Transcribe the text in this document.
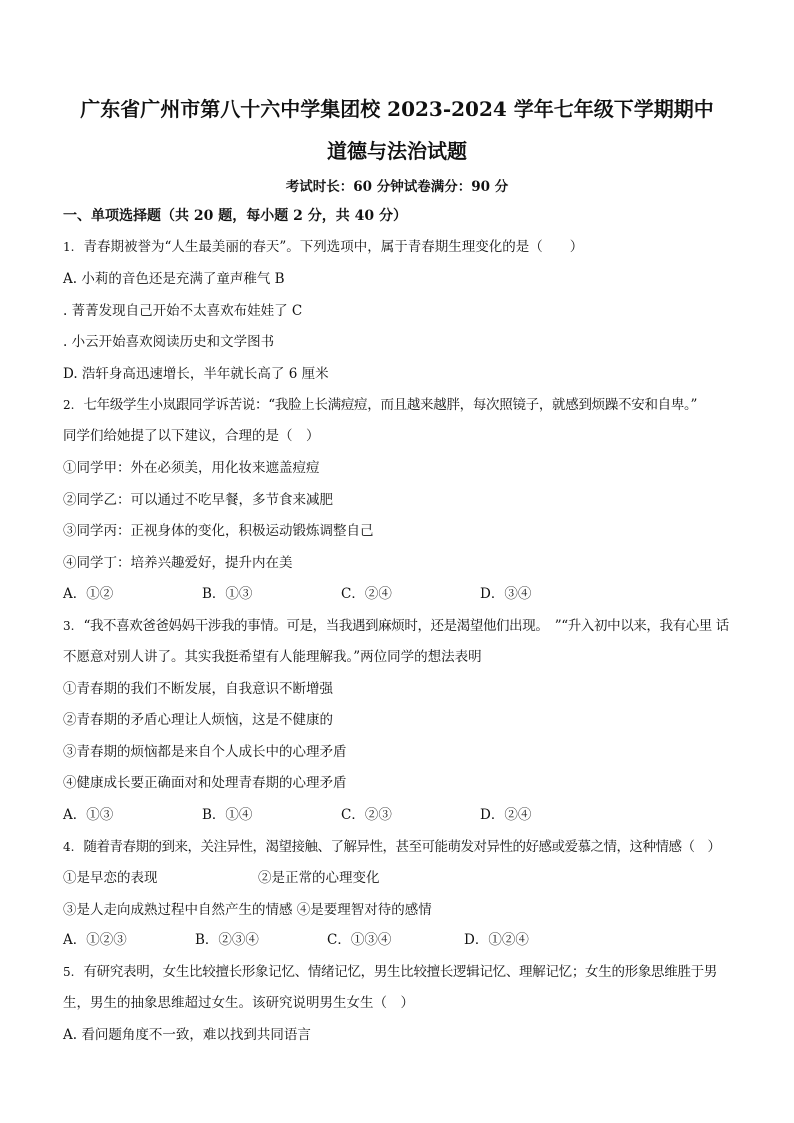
广东省广州市第八十六中学集团校 2023-2024 学年七年级下学期期中
道德与法治试题
考试时长：60 分钟试卷满分：90 分
一、单项选择题（共 20 题，每小题 2 分，共 40 分）
1. 青春期被誉为“人生最美丽的春天”。下列选项中，属于青春期生理变化的是（　　）
A. 小莉的音色还是充满了童声稚气 B
. 菁菁发现自己开始不太喜欢布娃娃了 C
. 小云开始喜欢阅读历史和文学图书
D. 浩轩身高迅速增长，半年就长高了 6 厘米
2. 七年级学生小岚跟同学诉苦说：“我脸上长满痘痘，而且越来越胖，每次照镜子，就感到烦躁不安和自卑。”
同学们给她提了以下建议，合理的是（　）
①同学甲：外在必须美，用化妆来遮盖痘痘
②同学乙：可以通过不吃早餐，多节食来减肥
③同学丙：正视身体的变化，积极运动锻炼调整自己
④同学丁：培养兴趣爱好，提升内在美
A．①②	B．①③	C．②④	D．③④
3. “我不喜欢爸爸妈妈干涉我的事情。可是，当我遇到麻烦时，还是渴望他们出现。　”“升入初中以来，我有心里 话
不愿意对别人讲了。其实我挺希望有人能理解我。”两位同学的想法表明
①青春期的我们不断发展，自我意识不断增强
②青春期的矛盾心理让人烦恼，这是不健康的
③青春期的烦恼都是来自个人成长中的心理矛盾
④健康成长要正确面对和处理青春期的心理矛盾
A．①③	B．①④	C．②③	D．②④
4. 随着青春期的到来，关注异性，渴望接触、了解异性，甚至可能萌发对异性的好感或爱慕之情，这种情感（　）
①是早恋的表现	②是正常的心理变化
③是人走向成熟过程中自然产生的情感 ④是要理智对待的感情
A．①②③	B．②③④	C．①③④	D．①②④
5. 有研究表明，女生比较擅长形象记忆、情绪记忆，男生比较擅长逻辑记忆、理解记忆；女生的形象思维胜于男
生，男生的抽象思维超过女生。该研究说明男生女生（　）
A. 看问题角度不一致，难以找到共同语言
